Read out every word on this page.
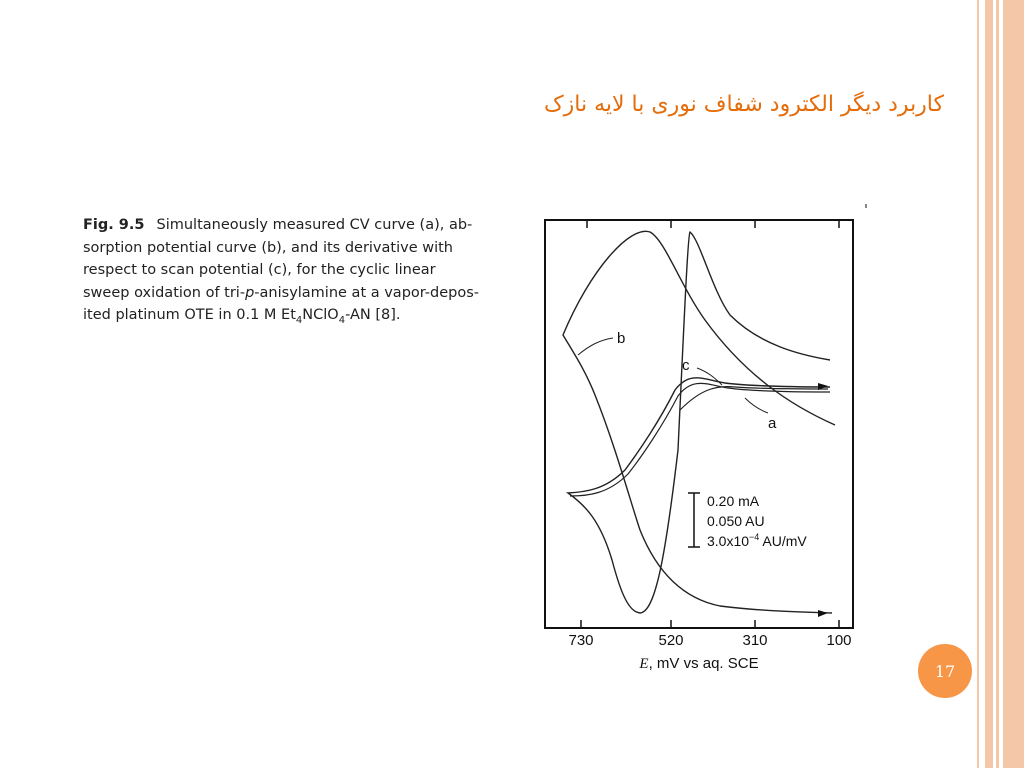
کاربرد دیگر الکترود شفاف نوری با لایه نازک
Fig. 9.5 Simultaneously measured CV curve (a), ab-
sorption potential curve (b), and its derivative with
respect to scan potential (c), for the cyclic linear
sweep oxidation of tri-p-anisylamine at a vapor-depos-
ited platinum OTE in 0.1 M $Et_4NClO_4-AN$ [8].
b
c
a
0.20 mA
0.050 AU
$3.0x10^{-4}$ AU/mV
730	520	310	100
E, mV vs aq. SCE	17
